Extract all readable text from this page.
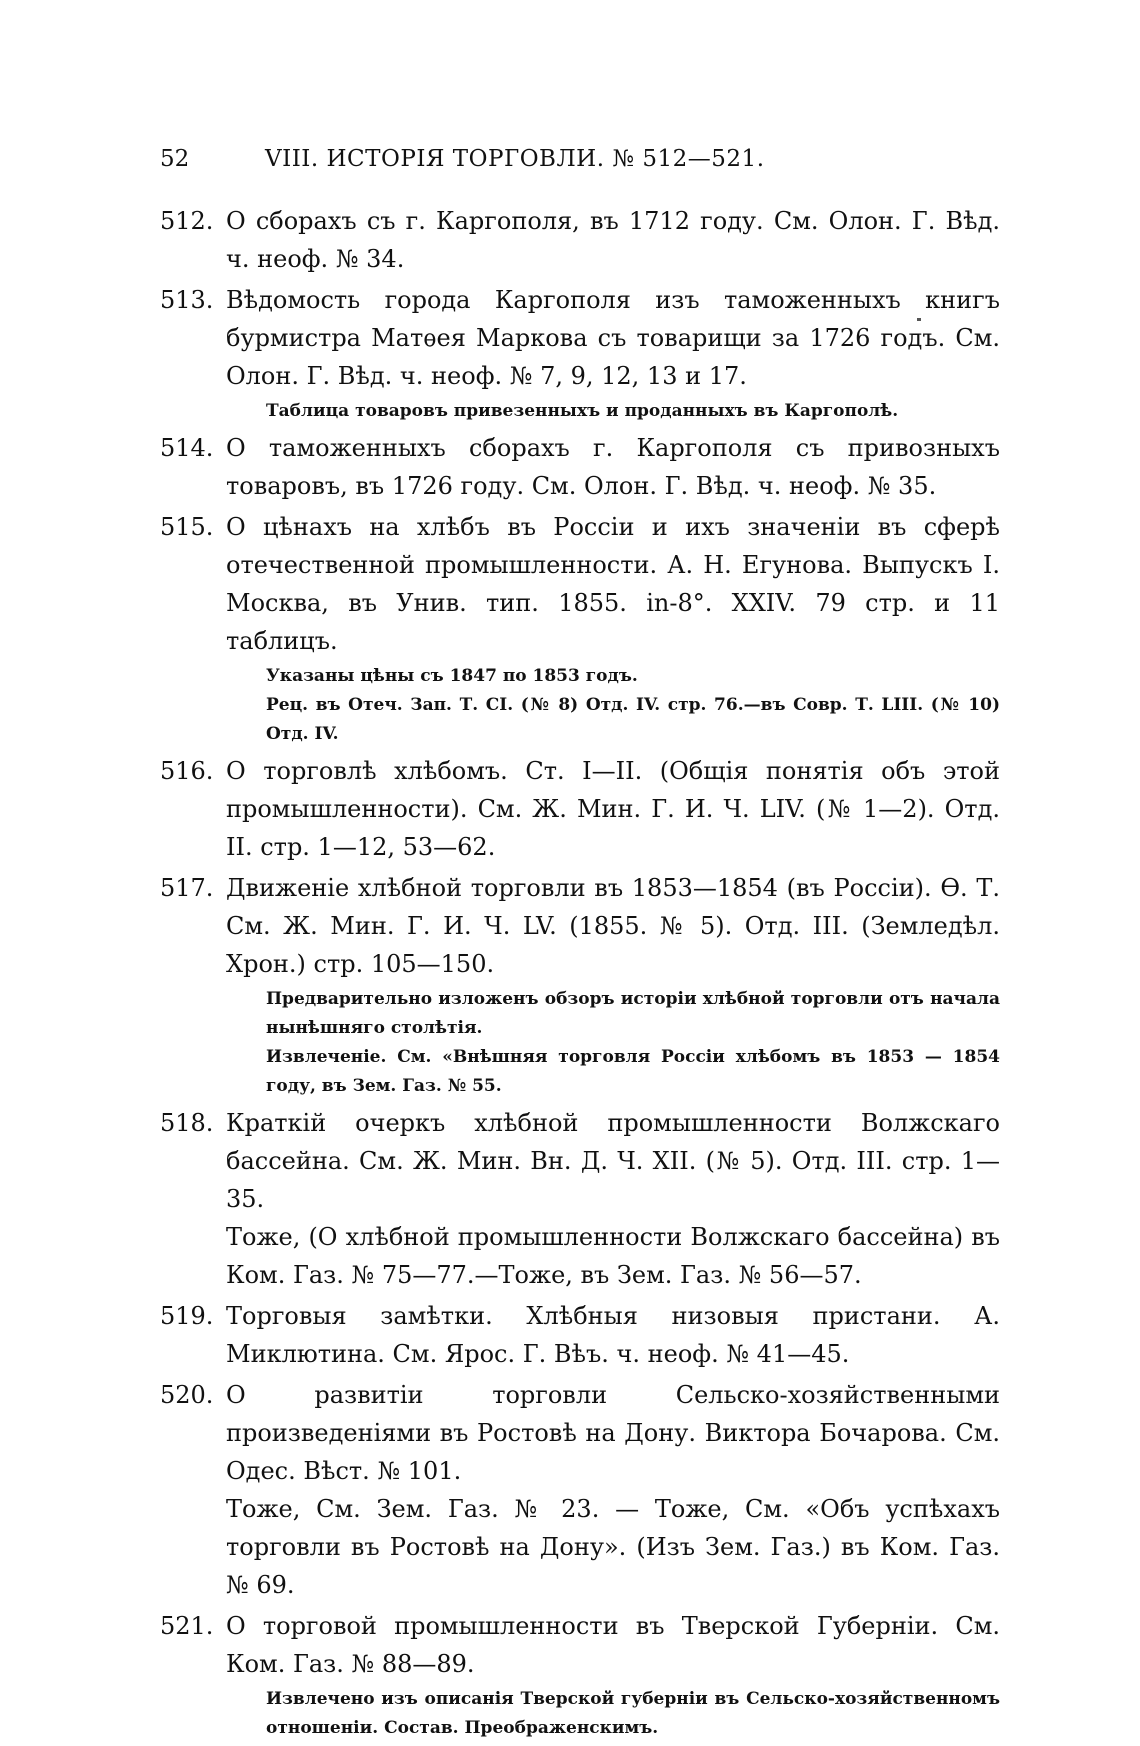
52	VIII. ИСТОРІЯ ТОРГОВЛИ. № 512—521.
512. О сборахъ съ г. Каргополя, въ 1712 году. См. Олон. Г. Вѣд. ч. неоф. № 34.

513. Вѣдомость города Каргополя изъ таможенныхъ книгъ бурмистра Матѳея Маркова съ товарищи за 1726 годъ. См. Олон. Г. Вѣд. ч. неоф. № 7, 9, 12, 13 и 17.

Таблица товаровъ привезенныхъ и проданныхъ въ Каргополѣ.

514. О таможенныхъ сборахъ г. Каргополя съ привозныхъ товаровъ, въ 1726 году. См. Олон. Г. Вѣд. ч. неоф. № 35.

515. О цѣнахъ на хлѣбъ въ Россіи и ихъ значеніи въ сферѣ отечественной промышленности. А. Н. Егунова. Выпускъ I. Москва, въ Унив. тип. 1855. in-8°. XXIV. 79 стр. и 11 таблицъ.

Указаны цѣны съ 1847 по 1853 годъ.

Рец. въ Отеч. Зап. Т. CI. (№ 8) Отд. IV. стр. 76.—въ Совр. Т. LIII. (№ 10) Отд. IV.

516. О торговлѣ хлѣбомъ. Ст. I—II. (Общія понятія объ этой промышленности). См. Ж. Мин. Г. И. Ч. LIV. (№ 1—2). Отд. II. стр. 1—12, 53—62.

517. Движеніе хлѣбной торговли въ 1853—1854 (въ Россіи). Ѳ. Т. См. Ж. Мин. Г. И. Ч. LV. (1855. № 5). Отд. III. (Земледѣл. Хрон.) стр. 105—150.

Предварительно изложенъ обзоръ исторіи хлѣбной торговли отъ начала нынѣшняго столѣтія.

Извлеченіе. См. «Внѣшняя торговля Россіи хлѣбомъ въ 1853 — 1854 году, въ Зем. Газ. № 55.

518. Краткій очеркъ хлѣбной промышленности Волжскаго бассейна. См. Ж. Мин. Вн. Д. Ч. XII. (№ 5). Отд. III. стр. 1—35.

Тоже, (О хлѣбной промышленности Волжскаго бассейна) въ Ком. Газ. № 75—77.—Тоже, въ Зем. Газ. № 56—57.

519. Торговыя замѣтки. Хлѣбныя низовыя пристани. А. Миклютина. См. Яроc. Г. Вѣъ. ч. неоф. № 41—45.

520. О развитіи торговли Сельско-хозяйственными произведеніями въ Ростовѣ на Дону. Виктора Бочарова. См. Одес. Вѣст. № 101.

Тоже, См. Зем. Газ. № 23. — Тоже, См. «Объ успѣхахъ торговли въ Ростовѣ на Дону». (Изъ Зем. Газ.) въ Ком. Газ. № 69.

521. О торговой промышленности въ Тверской Губерніи. См. Ком. Газ. № 88—89.

Извлечено изъ описанія Тверской губерніи въ Сельско-хозяйственномъ отношеніи. Состав. Преображенскимъ.
